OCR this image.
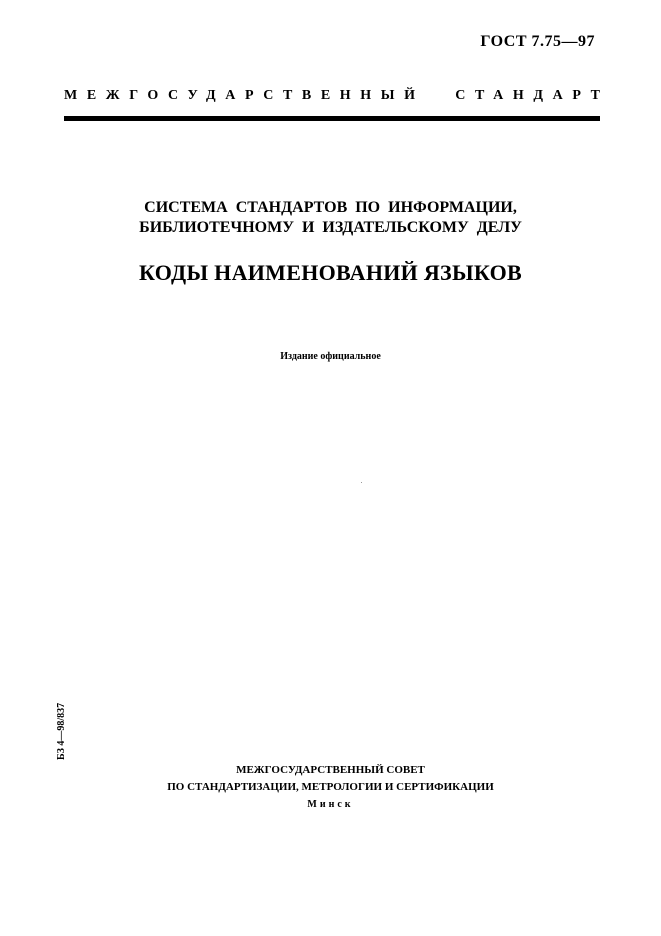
ГОСТ 7.75—97
МЕЖГОСУДАРСТВЕННЫЙ СТАНДАРТ
СИСТЕМА СТАНДАРТОВ ПО ИНФОРМАЦИИ,
БИБЛИОТЕЧНОМУ И ИЗДАТЕЛЬСКОМУ ДЕЛУ
КОДЫ НАИМЕНОВАНИЙ ЯЗЫКОВ
Издание официальное
БЗ 4—98/837
МЕЖГОСУДАРСТВЕННЫЙ СОВЕТ
ПО СТАНДАРТИЗАЦИИ, МЕТРОЛОГИИ И СЕРТИФИКАЦИИ
Минск
